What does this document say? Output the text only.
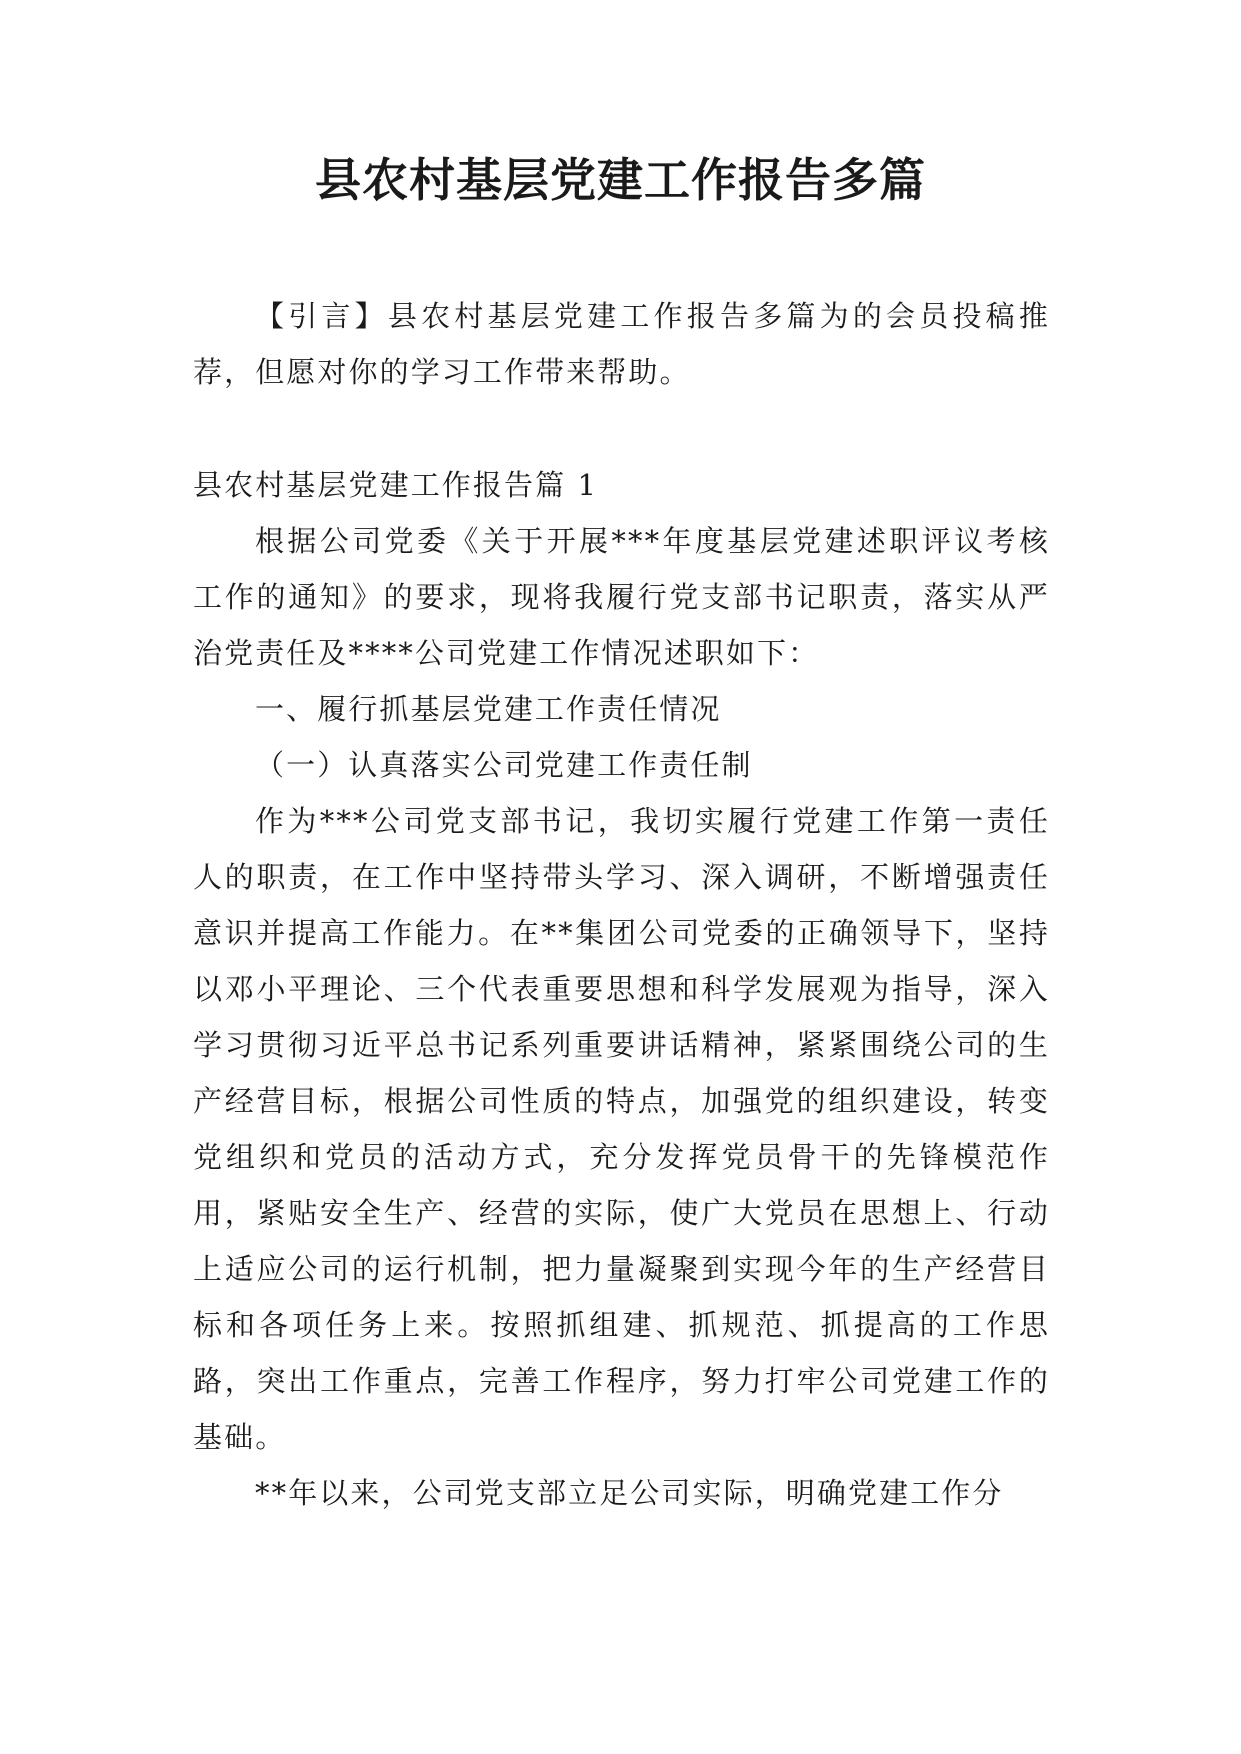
县农村基层党建工作报告多篇

【引言】县农村基层党建工作报告多篇为的会员投稿推荐，但愿对你的学习工作带来帮助。

县农村基层党建工作报告篇 1

根据公司党委《关于开展***年度基层党建述职评议考核工作的通知》的要求，现将我履行党支部书记职责，落实从严治党责任及****公司党建工作情况述职如下：

一、履行抓基层党建工作责任情况

（一）认真落实公司党建工作责任制

作为***公司党支部书记，我切实履行党建工作第一责任人的职责，在工作中坚持带头学习、深入调研，不断增强责任意识并提高工作能力。在**集团公司党委的正确领导下，坚持以邓小平理论、三个代表重要思想和科学发展观为指导，深入学习贯彻习近平总书记系列重要讲话精神，紧紧围绕公司的生产经营目标，根据公司性质的特点，加强党的组织建设，转变党组织和党员的活动方式，充分发挥党员骨干的先锋模范作用，紧贴安全生产、经营的实际，使广大党员在思想上、行动上适应公司的运行机制，把力量凝聚到实现今年的生产经营目标和各项任务上来。按照抓组建、抓规范、抓提高的工作思路，突出工作重点，完善工作程序，努力打牢公司党建工作的基础。

**年以来，公司党支部立足公司实际，明确党建工作分
